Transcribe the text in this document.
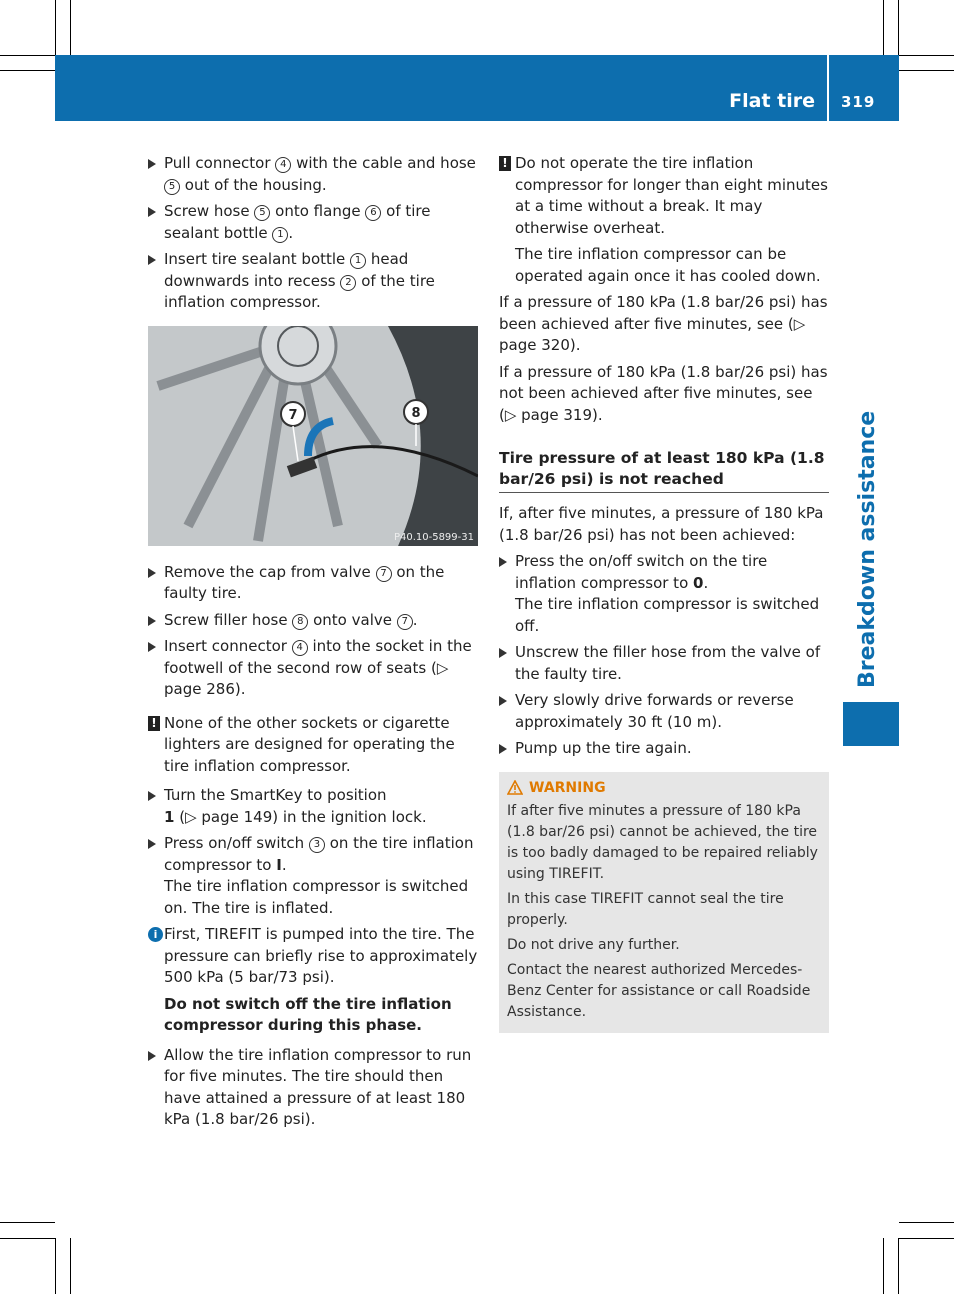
Flat tire 319
Breakdown assistance
Pull connector 4 with the cable and hose 5 out of the housing.
Screw hose 5 onto flange 6 of tire sealant bottle 1 .
Insert tire sealant bottle 1 head downwards into recess 2 of the tire inflation compressor.
7	8
P40.10-5899-31
Remove the cap from valve 7 on the faulty tire.
Screw filler hose 8 onto valve 7 .
Insert connector 4 into the socket in the footwell of the second row of seats (▷ page 286).
! None of the other sockets or cigarette lighters are designed for operating the tire inflation compressor.
Turn the SmartKey to position
1 (▷ page 149) in the ignition lock.
Press on/off switch 3 on the tire inflation compressor to I.
The tire inflation compressor is switched on. The tire is inflated.
i First, TIREFIT is pumped into the tire. The pressure can briefly rise to approximately 500 kPa (5 bar/73 psi).
Do not switch off the tire inflation compressor during this phase.
Allow the tire inflation compressor to run for five minutes. The tire should then have attained a pressure of at least 180 kPa (1.8 bar/26 psi).
! Do not operate the tire inflation compressor for longer than eight minutes at a time without a break. It may otherwise overheat.
The tire inflation compressor can be operated again once it has cooled down.
If a pressure of 180 kPa (1.8 bar/26 psi) has been achieved after five minutes, see (▷ page 320).
If a pressure of 180 kPa (1.8 bar/26 psi) has not been achieved after five minutes, see (▷ page 319).
Tire pressure of at least 180 kPa (1.8 bar/26 psi) is not reached
If, after five minutes, a pressure of 180 kPa (1.8 bar/26 psi) has not been achieved:
Press the on/off switch on the tire inflation compressor to 0.
The tire inflation compressor is switched off.
Unscrew the filler hose from the valve of the faulty tire.
Very slowly drive forwards or reverse approximately 30 ft (10 m).
Pump up the tire again.
WARNING

If after five minutes a pressure of 180 kPa (1.8 bar/26 psi) cannot be achieved, the tire is too badly damaged to be repaired reliably using TIREFIT.

In this case TIREFIT cannot seal the tire properly.

Do not drive any further.

Contact the nearest authorized Mercedes-Benz Center for assistance or call Roadside Assistance.
